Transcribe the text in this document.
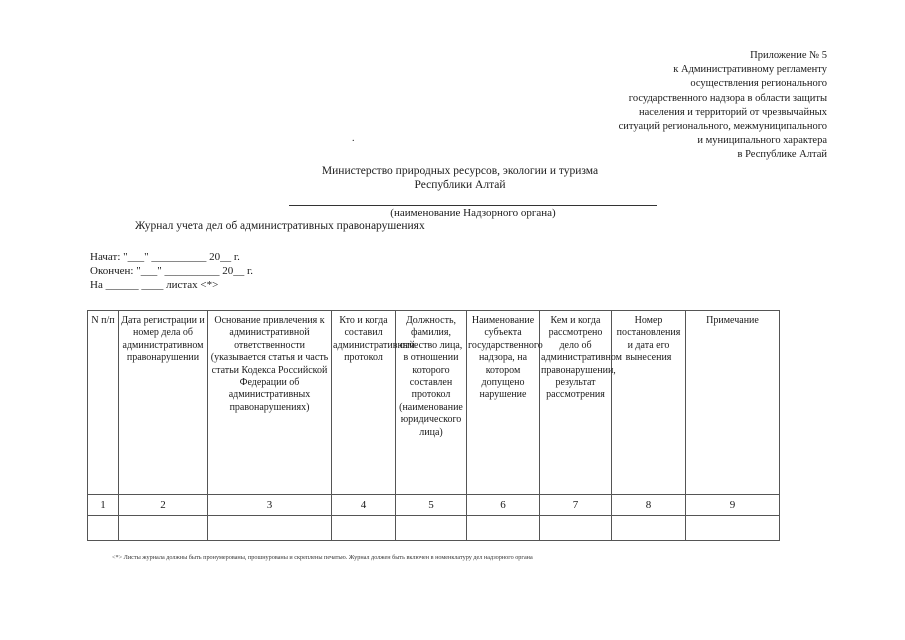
Приложение № 5
к Административному регламенту
осуществления регионального
государственного надзора в области защиты
населения и территорий от чрезвычайных
ситуаций регионального, межмуниципального
и муниципального характера
в Республике Алтай
.
Министерство природных ресурсов, экологии и туризма
Республики Алтай
(наименование Надзорного органа)
Журнал учета дел об административных правонарушениях
Начат: "___" __________ 20__ г.
Окончен: "___" __________ 20__ г.
На ______ ____ листах <*>
N п/п	Дата регистрации и номер дела об административном правонарушении	Основание привлечения к административной ответственности (указывается статья и часть статьи Кодекса Российской Федерации об административных правонарушениях)	Кто и когда составил административный протокол	Должность, фамилия, отчество лица, в отношении которого составлен протокол (наименование юридического лица)	Наименование субъекта государственного надзора, на котором допущено нарушение	Кем и когда рассмотрено дело об административном правонарушении, результат рассмотрения	Номер постановления и дата его вынесения	Примечание
1	2	3	4	5	6	7	8	9

<*> Листы журнала должны быть пронумерованы, прошнурованы и скреплены печатью. Журнал должен быть включен в номенклатуру дел надзорного органа
